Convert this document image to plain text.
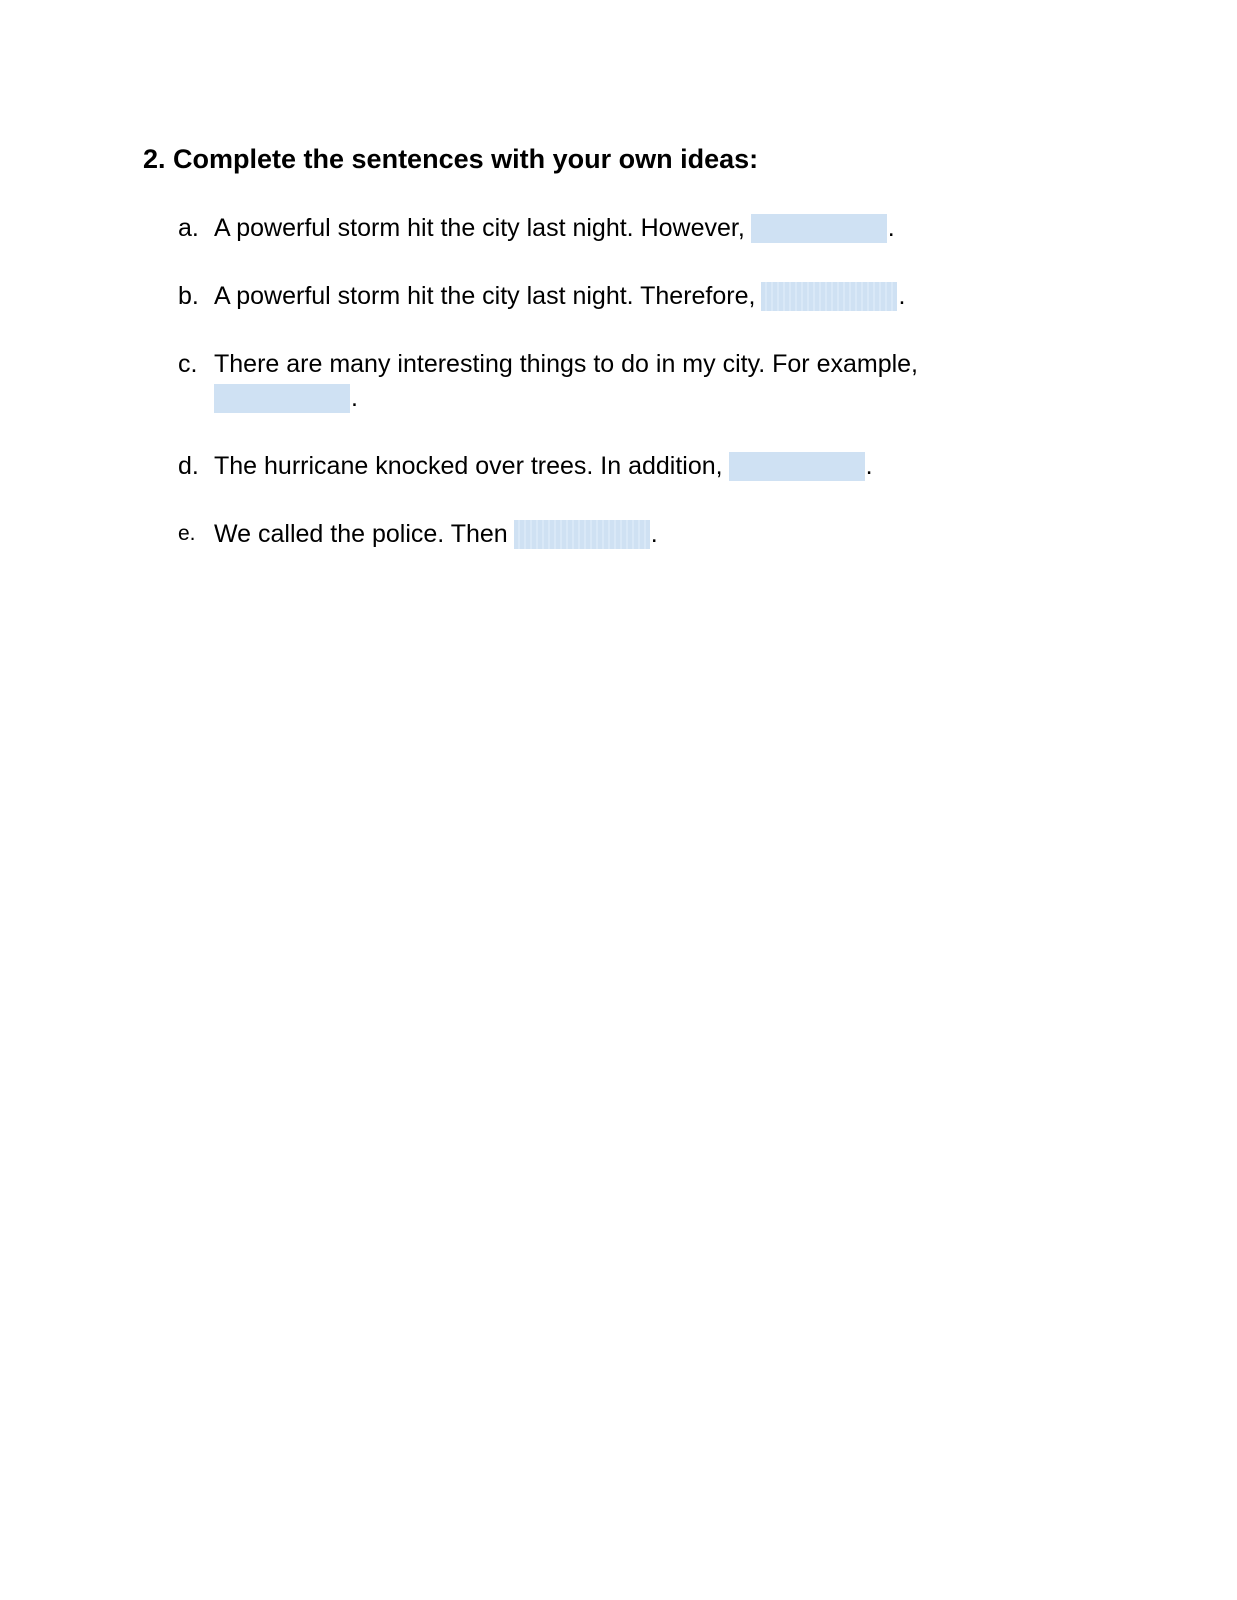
2. Complete the sentences with your own ideas:
a. A powerful storm hit the city last night. However,	.
b. A powerful storm hit the city last night. Therefore,	.
c. There are many interesting things to do in my city. For example,
.
d. The hurricane knocked over trees. In addition,	.
e. We called the police. Then	.
